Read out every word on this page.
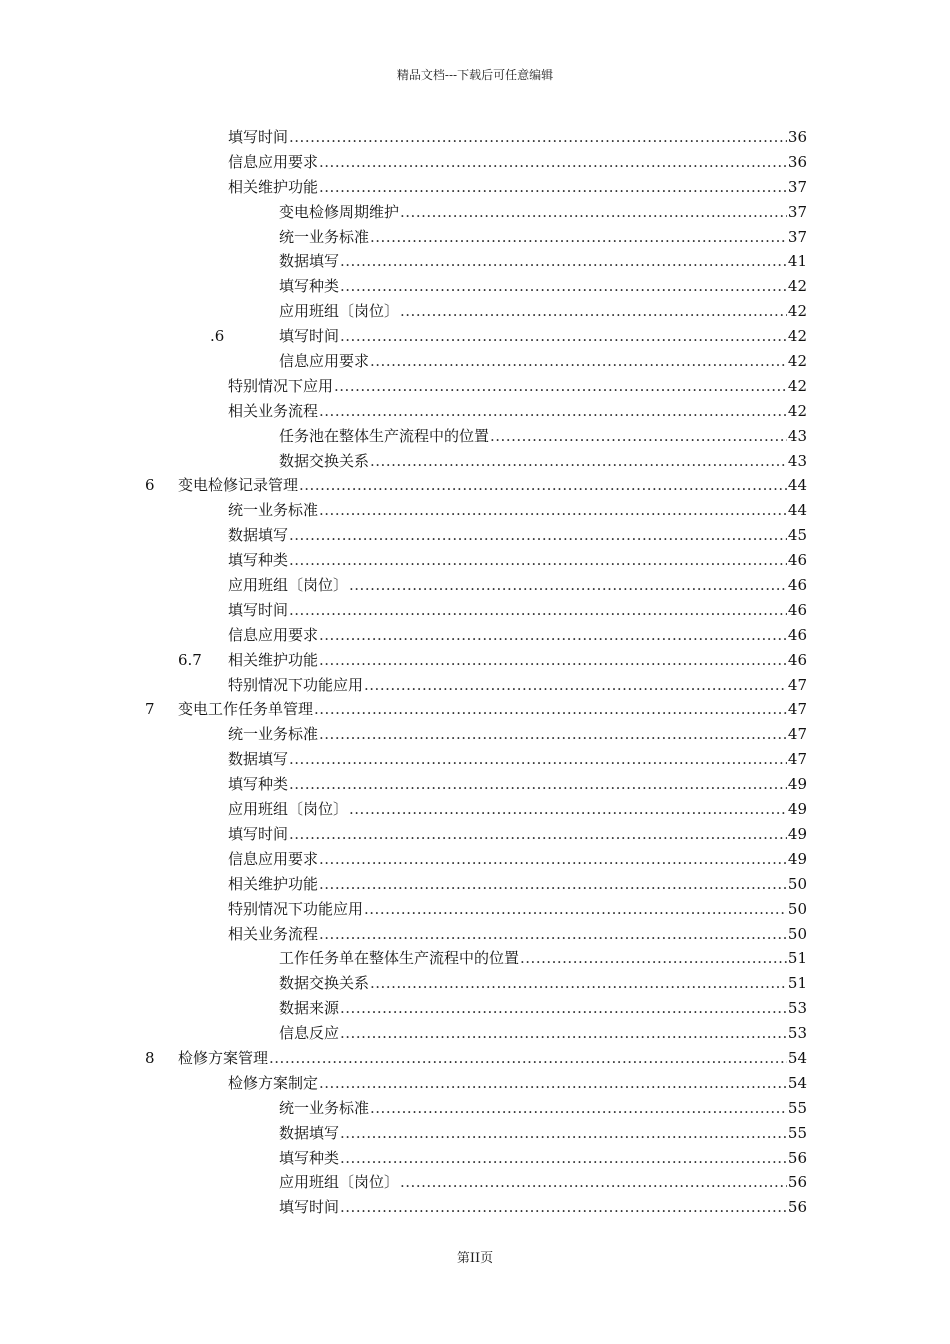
精品文档---下载后可任意编辑
填写时间 .....	36
信息应用要求 .....	36
相关维护功能 .....	37
变电检修周期维护 .....	37
统一业务标准 .....	37
数据填写 .....	41
填写种类 .....	42
应用班组〔岗位〕 .....	42
.6	填写时间 .....	42
信息应用要求 .....	42
特别情况下应用 .....	42
相关业务流程 .....	42
任务池在整体生产流程中的位置 .....	43
数据交换关系 .....	43
6 变电检修记录管理 .....	44
统一业务标准 .....	44
数据填写 .....	45
填写种类 .....	46
应用班组〔岗位〕 .....	46
填写时间 .....	46
信息应用要求 .....	46
6.7 相关维护功能 .....	46
特别情况下功能应用 .....	47
7 变电工作任务单管理 .....	47
统一业务标准 .....	47
数据填写 .....	47
填写种类 .....	49
应用班组〔岗位〕 .....	49
填写时间 .....	49
信息应用要求 .....	49
相关维护功能 .....	50
特别情况下功能应用 .....	50
相关业务流程 .....	50
工作任务单在整体生产流程中的位置 .....	51
数据交换关系 .....	51
数据来源 .....	53
信息反应 .....	53
8 检修方案管理 .....	54
检修方案制定 .....	54
统一业务标准 .....	55
数据填写 .....	55
填写种类 .....	56
应用班组〔岗位〕 .....	56
填写时间 .....	56
第II页
